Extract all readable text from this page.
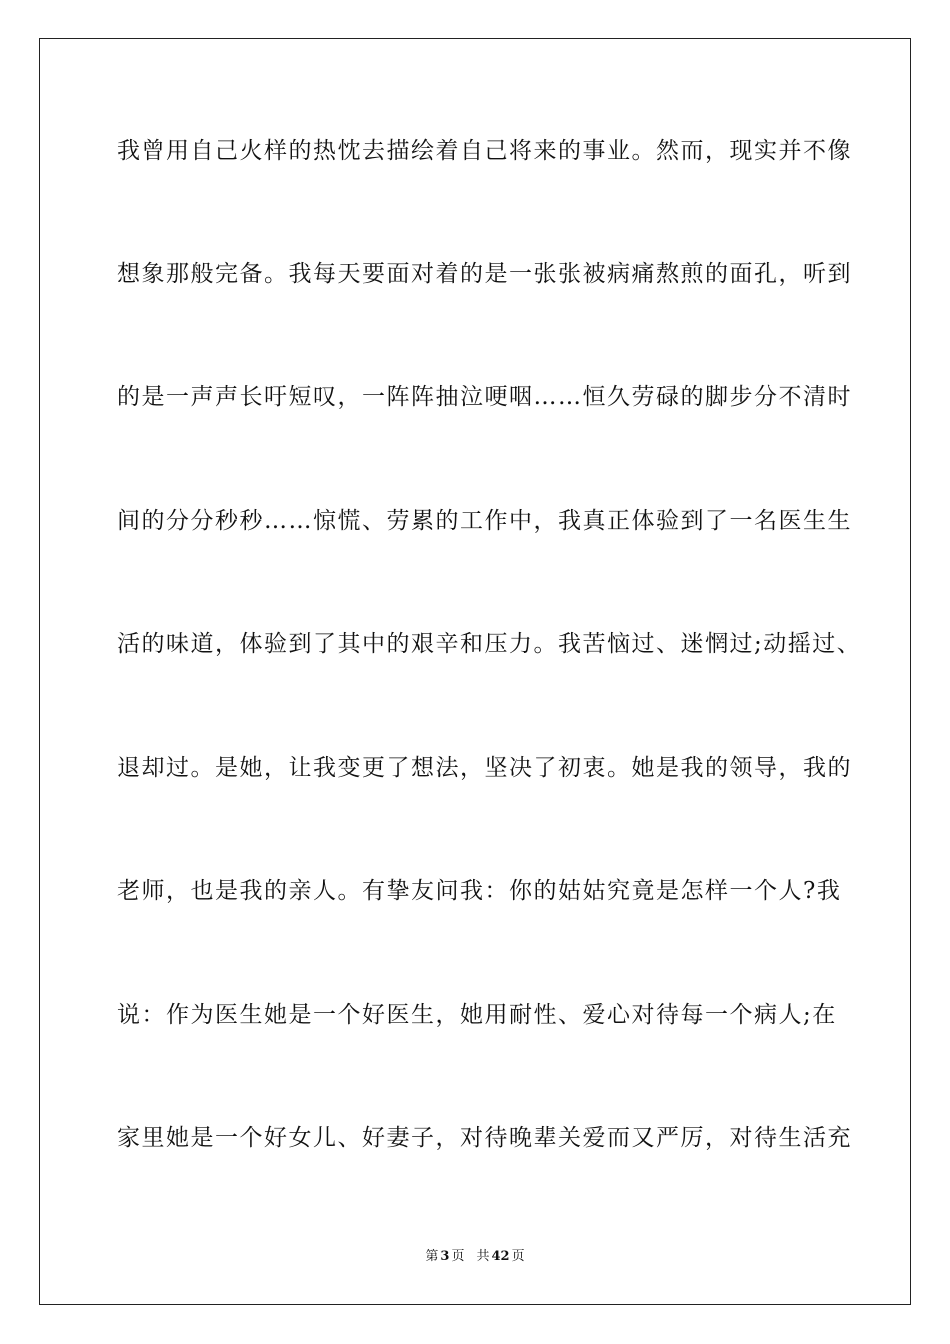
我曾用自己火样的热忱去描绘着自己将来的事业。然而，现实并不像
想象那般完备。我每天要面对着的是一张张被病痛熬煎的面孔，听到
的是一声声长吁短叹，一阵阵抽泣哽咽……恒久劳碌的脚步分不清时
间的分分秒秒……惊慌、劳累的工作中，我真正体验到了一名医生生
活的味道，体验到了其中的艰辛和压力。我苦恼过、迷惘过;动摇过、
退却过。是她，让我变更了想法，坚决了初衷。她是我的领导，我的
老师，也是我的亲人。有挚友问我：你的姑姑究竟是怎样一个人?我
说：作为医生她是一个好医生，她用耐性、爱心对待每一个病人;在
家里她是一个好女儿、好妻子，对待晚辈关爱而又严厉，对待生活充
第 3 页 共 42 页
